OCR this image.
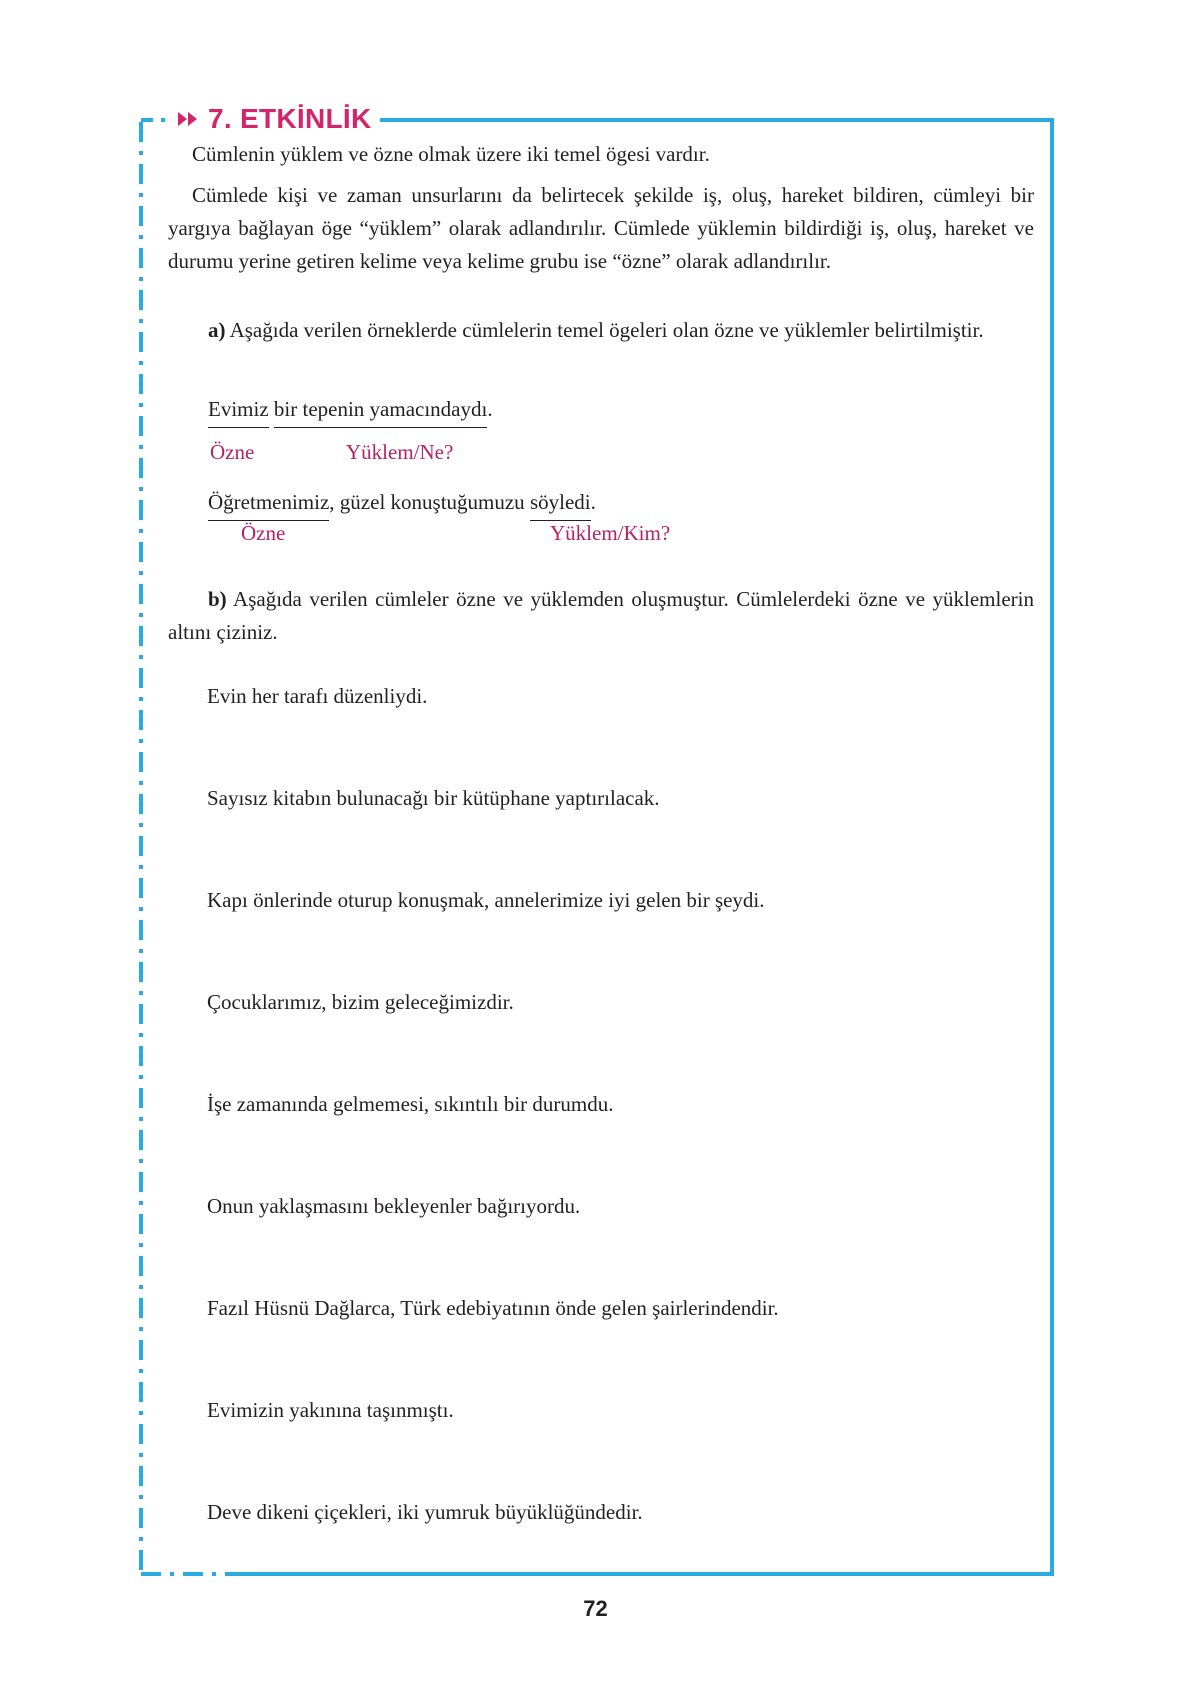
7. ETKİNLİK
Cümlenin yüklem ve özne olmak üzere iki temel ögesi vardır.
Cümlede kişi ve zaman unsurlarını da belirtecek şekilde iş, oluş, hareket bildiren, cümleyi bir yargıya bağlayan öge “yüklem” olarak adlandırılır. Cümlede yüklemin bildirdiği iş, oluş, hareket ve durumu yerine getiren kelime veya kelime grubu ise “özne” olarak adlandırılır.
a) Aşağıda verilen örneklerde cümlelerin temel ögeleri olan özne ve yüklemler belirtilmiştir.
Evimiz bir tepenin yamacındaydı.
Özne	Yüklem/Ne?
Öğretmenimiz, güzel konuştuğumuzu söyledi.
Özne	Yüklem/Kim?
b) Aşağıda verilen cümleler özne ve yüklemden oluşmuştur. Cümlelerdeki özne ve yüklemlerin altını çiziniz.
Evin her tarafı düzenliydi.
Sayısız kitabın bulunacağı bir kütüphane yaptırılacak.
Kapı önlerinde oturup konuşmak, annelerimize iyi gelen bir şeydi.
Çocuklarımız, bizim geleceğimizdir.
İşe zamanında gelmemesi, sıkıntılı bir durumdu.
Onun yaklaşmasını bekleyenler bağırıyordu.
Fazıl Hüsnü Dağlarca, Türk edebiyatının önde gelen şairlerindendir.
Evimizin yakınına taşınmıştı.
Deve dikeni çiçekleri, iki yumruk büyüklüğündedir.
72
